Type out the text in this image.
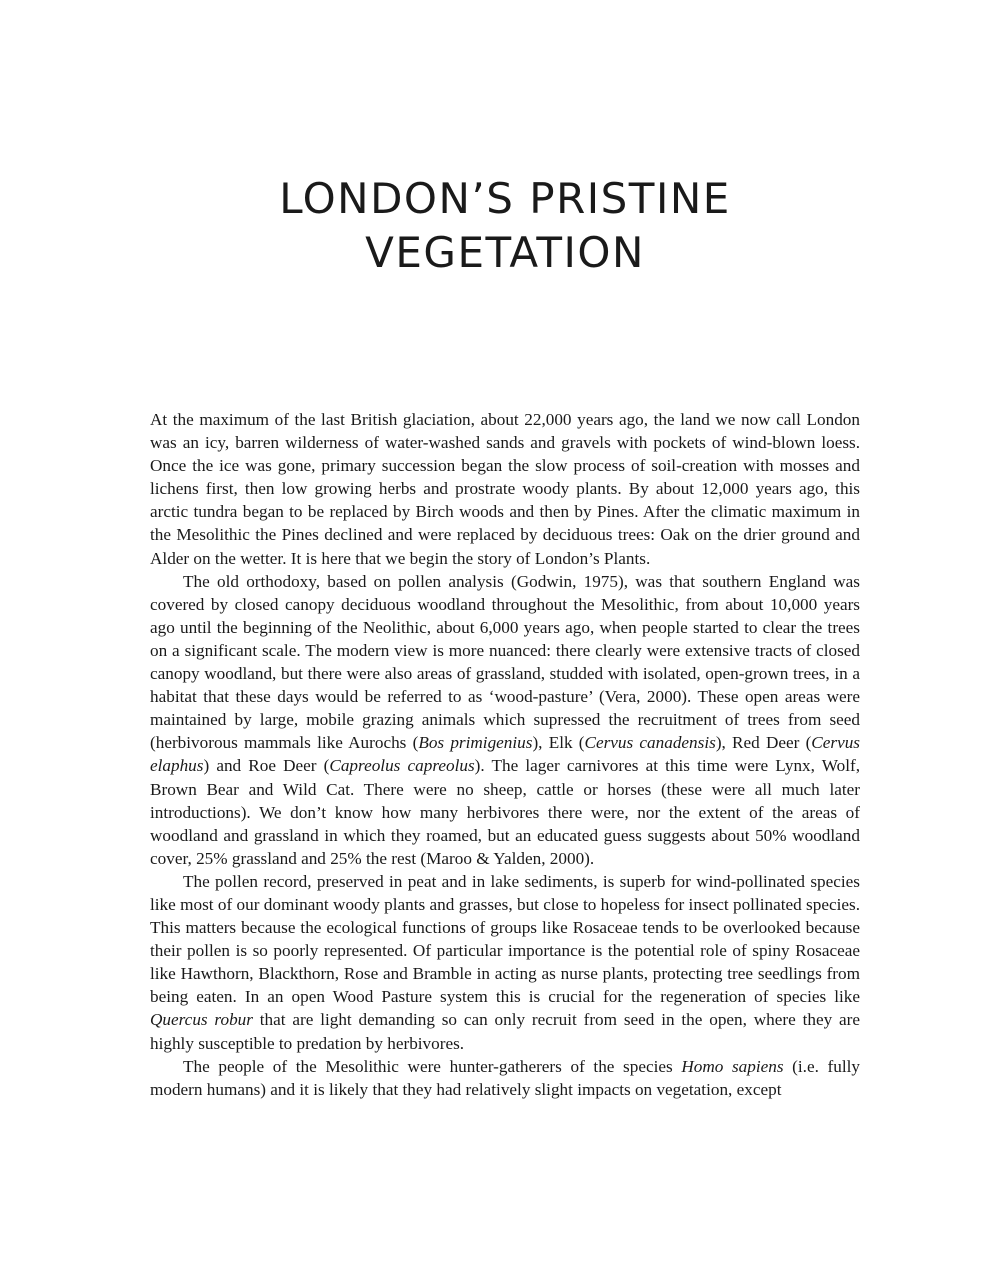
LONDON’S PRISTINE
VEGETATION

At the maximum of the last British glaciation, about 22,000 years ago, the land we now call London was an icy, barren wilderness of water-washed sands and gravels with pockets of wind-blown loess. Once the ice was gone, primary succession began the slow process of soil-creation with mosses and lichens first, then low growing herbs and prostrate woody plants. By about 12,000 years ago, this arctic tundra began to be replaced by Birch woods and then by Pines. After the climatic maximum in the Mesolithic the Pines declined and were replaced by deciduous trees: Oak on the drier ground and Alder on the wetter. It is here that we begin the story of London’s Plants.

The old orthodoxy, based on pollen analysis (Godwin, 1975), was that southern England was covered by closed canopy deciduous woodland throughout the Mesolithic, from about 10,000 years ago until the beginning of the Neolithic, about 6,000 years ago, when people started to clear the trees on a significant scale. The modern view is more nuanced: there clearly were extensive tracts of closed canopy woodland, but there were also areas of grassland, studded with isolated, open-grown trees, in a habitat that these days would be referred to as ‘wood-pasture’ (Vera, 2000). These open areas were maintained by large, mobile grazing animals which supressed the recruitment of trees from seed (herbivorous mammals like Aurochs (Bos primigenius), Elk (Cervus canadensis), Red Deer (Cervus elaphus) and Roe Deer (Capreolus capreolus). The lager carnivores at this time were Lynx, Wolf, Brown Bear and Wild Cat. There were no sheep, cattle or horses (these were all much later introductions). We don’t know how many herbivores there were, nor the extent of the areas of woodland and grassland in which they roamed, but an educated guess suggests about 50% woodland cover, 25% grassland and 25% the rest (Maroo & Yalden, 2000).

The pollen record, preserved in peat and in lake sediments, is superb for wind-pollinated species like most of our dominant woody plants and grasses, but close to hopeless for insect pollinated species. This matters because the ecological functions of groups like Rosaceae tends to be overlooked because their pollen is so poorly represented. Of particular importance is the potential role of spiny Rosaceae like Hawthorn, Blackthorn, Rose and Bramble in acting as nurse plants, protecting tree seedlings from being eaten. In an open Wood Pasture system this is crucial for the regeneration of species like Quercus robur that are light demanding so can only recruit from seed in the open, where they are highly susceptible to predation by herbivores.

The people of the Mesolithic were hunter-gatherers of the species Homo sapiens (i.e. fully modern humans) and it is likely that they had relatively slight impacts on vegetation, except
